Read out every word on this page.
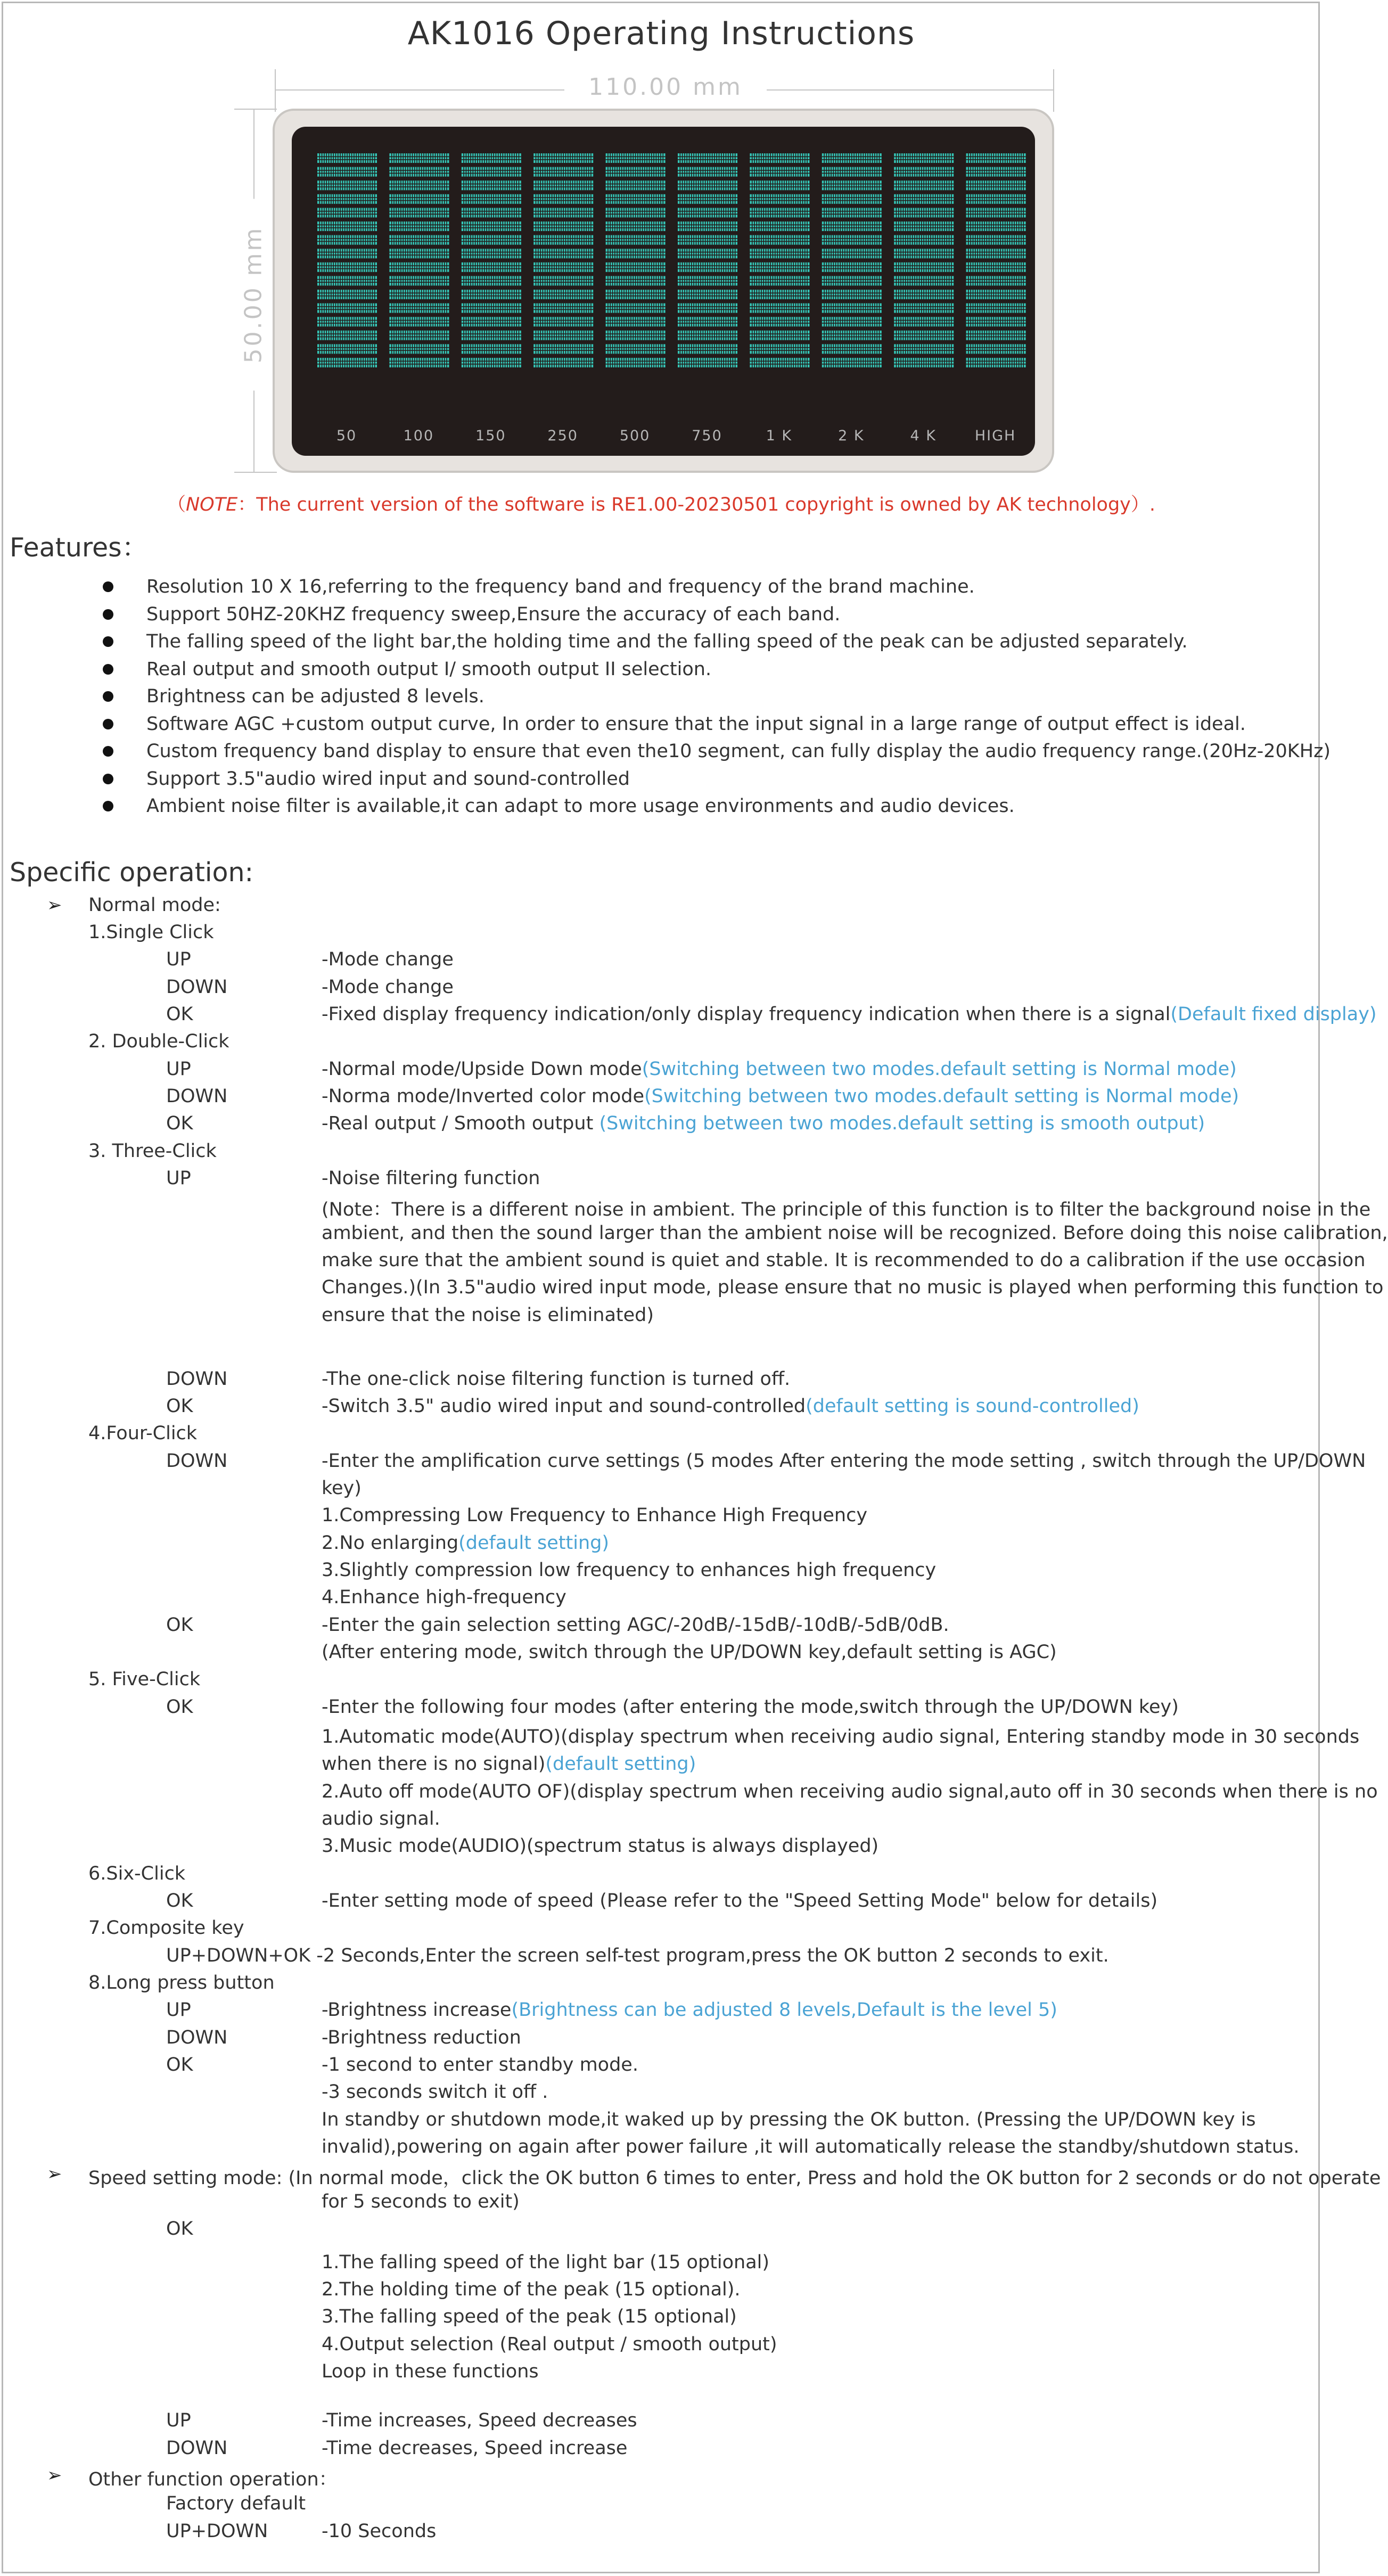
AK1016 Operating Instructions
110.00 mm
50.00 mm
50	100	150	250	500	750	1 K	2 K	4 K	HIGH
（NOTE：The current version of the software is RE1.00-20230501 copyright is owned by AK technology）.
Features：
Resolution 10 X 16,referring to the frequency band and frequency of the brand machine.
Support 50HZ-20KHZ frequency sweep,Ensure the accuracy of each band.
The falling speed of the light bar,the holding time and the falling speed of the peak can be adjusted separately.
Real output and smooth output I/ smooth output II selection.
Brightness can be adjusted 8 levels.
Software AGC +custom output curve, In order to ensure that the input signal in a large range of output effect is ideal.
Custom frequency band display to ensure that even the10 segment, can fully display the audio frequency range.(20Hz-20KHz)
Support 3.5"audio wired input and sound-controlled
Ambient noise filter is available,it can adapt to more usage environments and audio devices.
Specific operation:
➢ Normal mode:
1.Single Click
UP	-Mode change
DOWN	-Mode change
OK	-Fixed display frequency indication/only display frequency indication when there is a signal(Default fixed display)
2. Double-Click
UP	-Normal mode/Upside Down mode(Switching between two modes.default setting is Normal mode)
DOWN	-Norma mode/Inverted color mode(Switching between two modes.default setting is Normal mode)
OK	-Real output / Smooth output (Switching between two modes.default setting is smooth output)
3. Three-Click
UP	-Noise filtering function
(Note：There is a different noise in ambient. The principle of this function is to filter the background noise in the
ambient, and then the sound larger than the ambient noise will be recognized. Before doing this noise calibration,
make sure that the ambient sound is quiet and stable. It is recommended to do a calibration if the use occasion
Changes.)(In 3.5"audio wired input mode, please ensure that no music is played when performing this function to
ensure that the noise is eliminated)
DOWN	-The one-click noise filtering function is turned off.
OK	-Switch 3.5" audio wired input and sound-controlled(default setting is sound-controlled)
4.Four-Click
DOWN	-Enter the amplification curve settings (5 modes After entering the mode setting , switch through the UP/DOWN
key)
1.Compressing Low Frequency to Enhance High Frequency
2.No enlarging(default setting)
3.Slightly compression low frequency to enhances high frequency
4.Enhance high-frequency
OK	-Enter the gain selection setting AGC/-20dB/-15dB/-10dB/-5dB/0dB.
(After entering mode, switch through the UP/DOWN key,default setting is AGC)
5. Five-Click
OK	-Enter the following four modes (after entering the mode,switch through the UP/DOWN key)
1.Automatic mode(AUTO)(display spectrum when receiving audio signal, Entering standby mode in 30 seconds
when there is no signal)(default setting)
2.Auto off mode(AUTO OF)(display spectrum when receiving audio signal,auto off in 30 seconds when there is no
audio signal.
3.Music mode(AUDIO)(spectrum status is always displayed)
6.Six-Click
OK	-Enter setting mode of speed (Please refer to the "Speed Setting Mode" below for details)
7.Composite key
UP+DOWN+OK -2 Seconds,Enter the screen self-test program,press the OK button 2 seconds to exit.
8.Long press button
UP	-Brightness increase(Brightness can be adjusted 8 levels,Default is the level 5)
DOWN	-Brightness reduction
OK	-1 second to enter standby mode.
-3 seconds switch it off .
In standby or shutdown mode,it waked up by pressing the OK button. (Pressing the UP/DOWN key is
invalid),powering on again after power failure ,it will automatically release the standby/shutdown status.
➢ Speed setting mode: (In normal mode，click the OK button 6 times to enter, Press and hold the OK button for 2 seconds or do not operate
for 5 seconds to exit)
OK
1.The falling speed of the light bar (15 optional)
2.The holding time of the peak (15 optional).
3.The falling speed of the peak (15 optional)
4.Output selection (Real output / smooth output)
Loop in these functions
UP	-Time increases, Speed decreases
DOWN	-Time decreases, Speed increase
➢ Other function operation：
Factory default
UP+DOWN	-10 Seconds
